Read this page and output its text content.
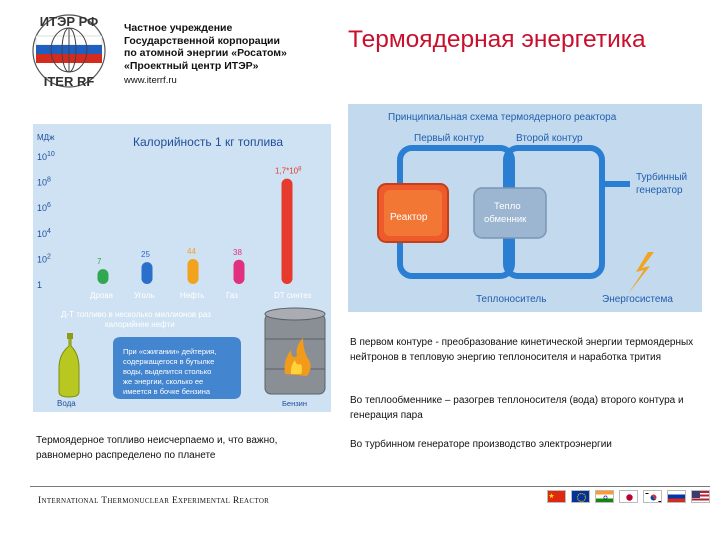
ИТЭР РФ
ITER RF
Частное учреждение
Государственной корпорации
по атомной энергии «Росатом»
«Проектный центр ИТЭР»
www.iterrf.ru
Термоядерная энергетика
Калорийность 1 кг топлива
МДж
$10^{10}$
$10^8$
$10^6$
$10^4$
$10^2$
1
7
Дрова
25
Уголь
44
Нефть
38
Газ
$1,7*10^8$
DT синтез
Д-Т топливо в несколько миллионов раз
калорийнее нефти
Вода
При «сжигании» дейтерия,
содержащегося в бутылке
воды, выделится столько
же энергии, сколько ее
имеется в бочке бензина
Бензин
Принципиальная схема термоядерного реактора
Первый контур	Второй контур
Реактор
Тепло
обменник
Турбинный
генератор
Теплоноситель	Энергосистема
В первом контуре - преобразование кинетической энергии термоядерных нейтронов в тепловую энергию теплоносителя и наработка трития
Во теплообменнике – разогрев теплоносителя (вода) второго контура и генерация пара
Во турбинном генераторе производство электроэнергии
Термоядерное топливо неисчерпаемо и, что важно, равномерно распределено по планете
International Thermonuclear Experimental Reactor
